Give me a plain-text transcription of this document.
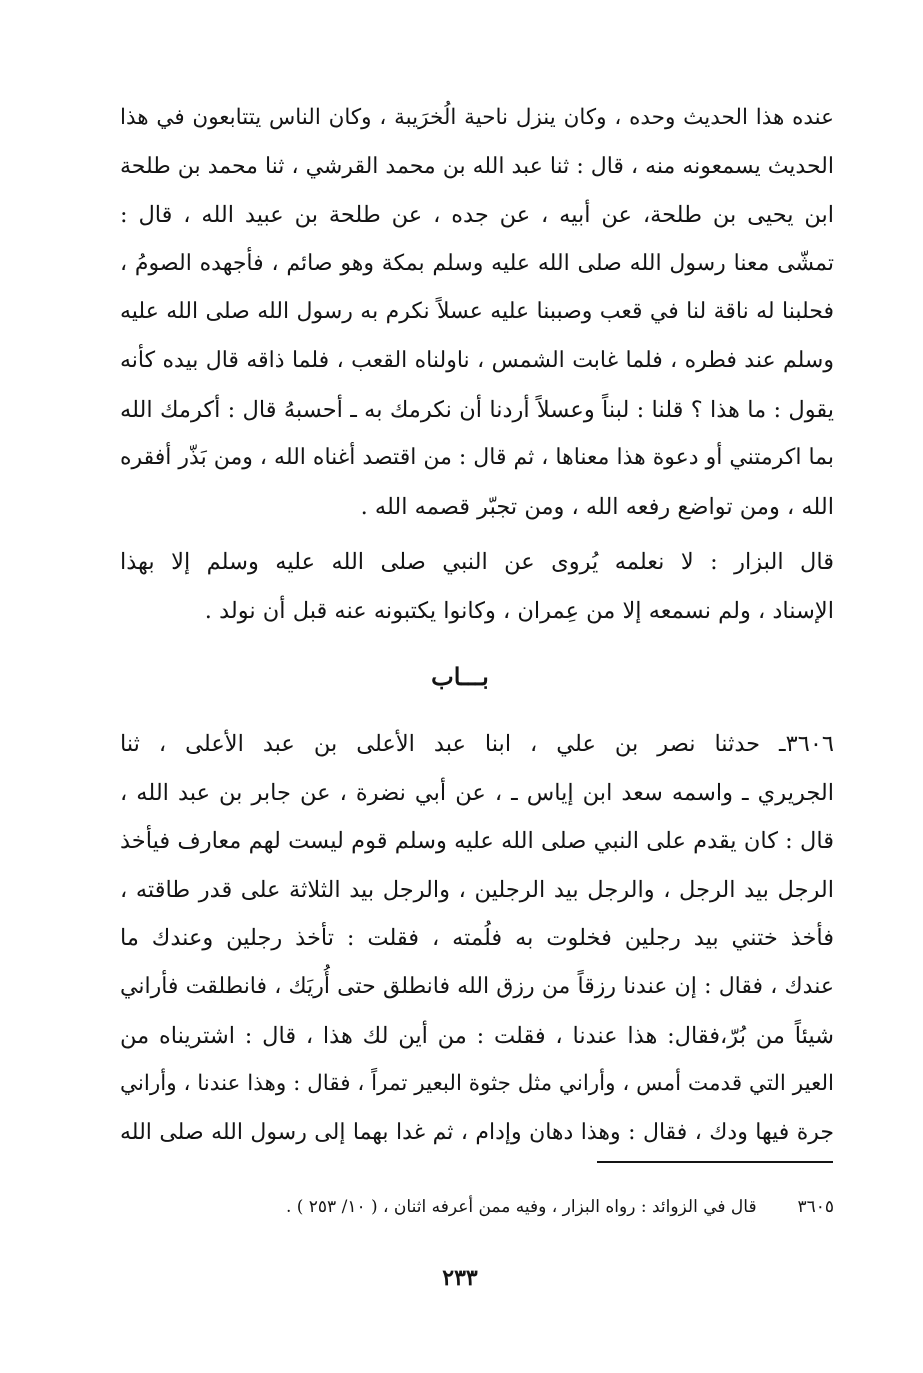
عنده هذا الحديث وحده ، وكان ينزل ناحية الُخرَيبة ، وكان الناس يتتابعون في هذا
الحديث يسمعونه منه ، قال : ثنا عبد الله بن محمد القرشي ، ثنا محمد بن طلحة
ابن يحيى بن طلحة، عن أبيه ، عن جده ، عن طلحة بن عبيد الله ، قال :
تمشّى معنا رسول الله صلى الله عليه وسلم بمكة وهو صائم ، فأجهده الصومُ ،
فحلبنا له ناقة لنا في قعب وصببنا عليه عسلاً نكرم به رسول الله صلى الله عليه
وسلم عند فطره ، فلما غابت الشمس ، ناولناه القعب ، فلما ذاقه قال بيده كأنه
يقول : ما هذا ؟ قلنا : لبناً وعسلاً أردنا أن نكرمك به ـ أحسبهُ قال : أكرمك الله
بما اكرمتني أو دعوة هذا معناها ، ثم قال : من اقتصد أغناه الله ، ومن بَذّر أفقره
الله ، ومن تواضع رفعه الله ، ومن تجبّر قصمه الله .
قال البزار : لا نعلمه يُروى عن النبي صلى الله عليه وسلم إلا بهذا
الإسناد ، ولم نسمعه إلا من عِمران ، وكانوا يكتبونه عنه قبل أن نولد .
بـــاب
٣٦٠٦ـ حدثنا نصر بن علي ، ابنا عبد الأعلى بن عبد الأعلى ، ثنا
الجريري ـ واسمه سعد ابن إياس ـ ، عن أبي نضرة ، عن جابر بن عبد الله ،
قال : كان يقدم على النبي صلى الله عليه وسلم قوم ليست لهم معارف فيأخذ
الرجل بيد الرجل ، والرجل بيد الرجلين ، والرجل بيد الثلاثة على قدر طاقته ،
فأخذ ختني بيد رجلين فخلوت به فلُمته ، فقلت : تأخذ رجلين وعندك ما
عندك ، فقال : إن عندنا رزقاً من رزق الله فانطلق حتى أُريَك ، فانطلقت فأراني
شيئاً من بُرّ،فقال: هذا عندنا ، فقلت : من أين لك هذا ، قال : اشتريناه من
العير التي قدمت أمس ، وأراني مثل جثوة البعير تمراً ، فقال : وهذا عندنا ، وأراني
جرة فيها ودك ، فقال : وهذا دهان وإدام ، ثم غدا بهما إلى رسول الله صلى الله
٣٦٠٥ قال في الزوائد : رواه البزار ، وفيه ممن أعرفه اثنان ، ( ١٠/ ٢٥٣ ) .
٢٣٣
